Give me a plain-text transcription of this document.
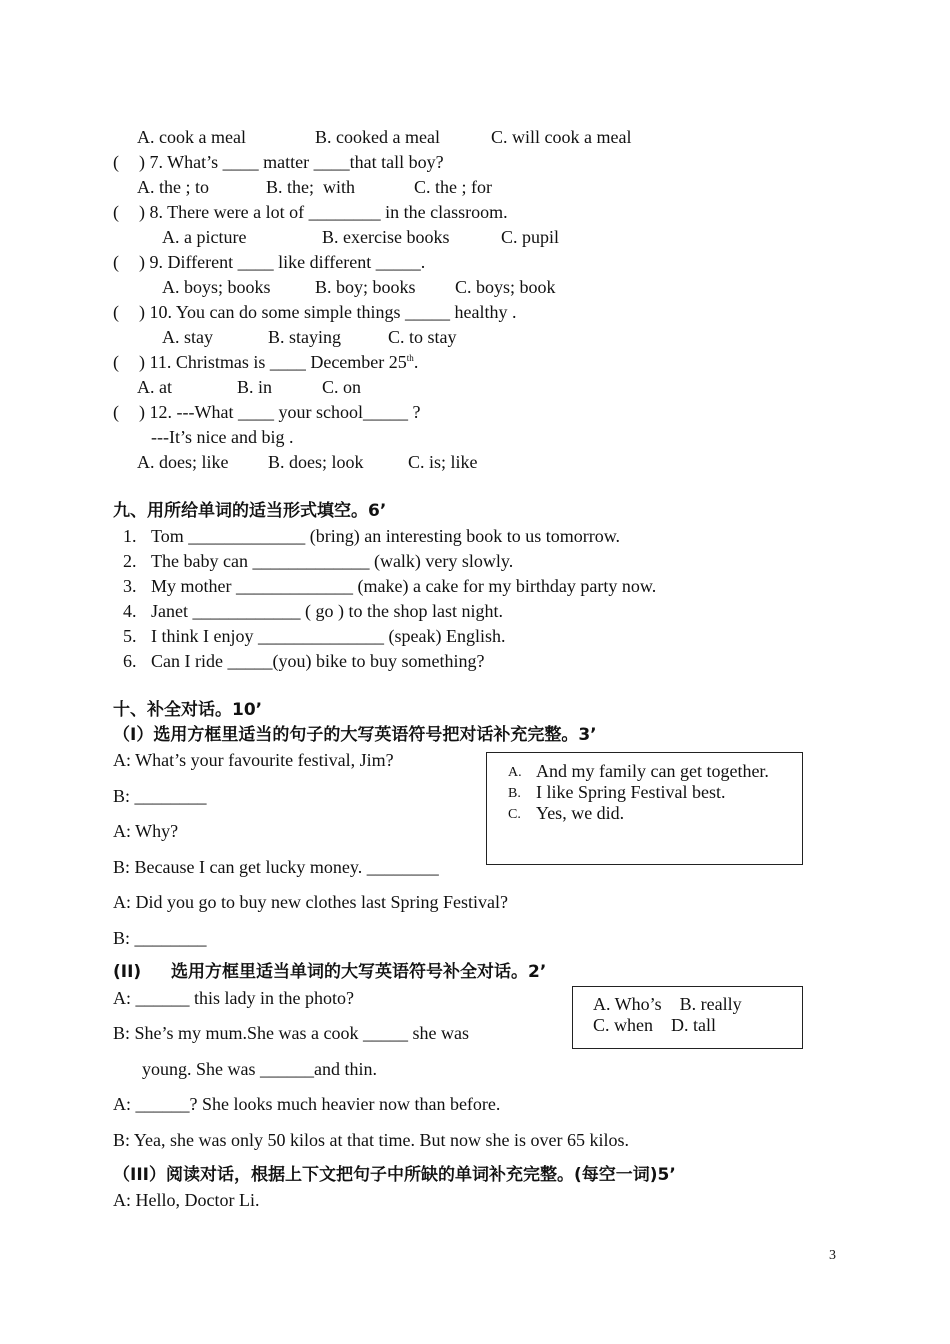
A. cook a meal	B. cooked a meal	C. will cook a meal
( ) 7. What’s ____ matter ____that tall boy?
A. the ; to	B. the;  with	C. the ; for
( ) 8. There were a lot of ________ in the classroom.
A. a picture	B. exercise books	C. pupil
( ) 9. Different ____ like different _____.
A. boys; books B. boy; books C. boys; book
( ) 10. You can do some simple things _____ healthy .
A. stay	B. staying	C. to stay
( ) 11. Christmas is ____ December 25th.
A. at	B. in	C. on
( ) 12. ---What ____ your school_____ ?
---It’s nice and big .
A. does; like B. does; look C. is; like
九、用所给单词的适当形式填空。6’
1. Tom _____________ (bring) an interesting book to us tomorrow.
2. The baby can _____________ (walk) very slowly.
3. My mother _____________ (make) a cake for my birthday party now.
4. Janet ____________ ( go ) to the shop last night.
5. I think I enjoy ______________ (speak) English.
6. Can I ride _____(you) bike to buy something?
十、补全对话。10’
（I）选用方框里适当的句子的大写英语符号把对话补充完整。3’
A: What’s your favourite festival, Jim?
B: ________
A: Why?
B: Because I can get lucky money. ________
A: Did you go to buy new clothes last Spring Festival?
B: ________
A. And my family can get together.
B. I like Spring Festival best.
C. Yes, we did.
(II) 选用方框里适当单词的大写英语符号补全对话。2’
A: ______ this lady in the photo?
B: She’s my mum.She was a cook _____ she was
young. She was ______and thin.
A: ______? She looks much heavier now than before.
B: Yea, she was only 50 kilos at that time. But now she is over 65 kilos.
A. Who’s    B. really
C. when    D. tall
（III）阅读对话，根据上下文把句子中所缺的单词补充完整。(每空一词)5’
A: Hello, Doctor Li.
3
